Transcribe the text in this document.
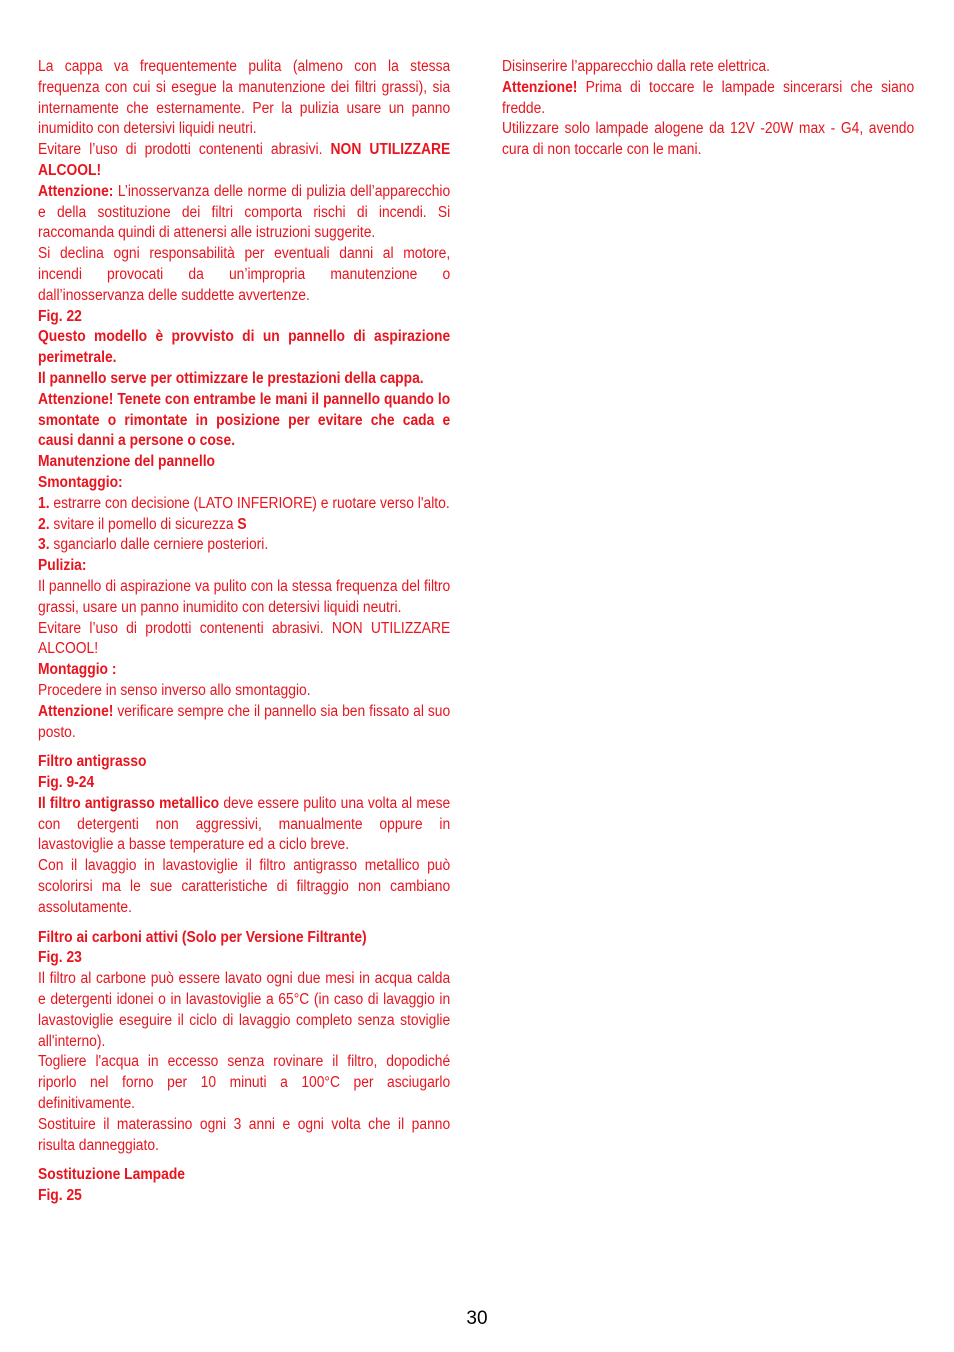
La cappa va frequentemente pulita (almeno con la stessa frequenza con cui si esegue la manutenzione dei filtri grassi), sia internamente che esternamente. Per la pulizia usare un panno inumidito con detersivi liquidi neutri.

Evitare l’uso di prodotti contenenti abrasivi. NON UTILIZZARE ALCOOL!

Attenzione: L’inosservanza delle norme di pulizia dell’apparecchio e della sostituzione dei filtri comporta rischi di incendi. Si raccomanda quindi di attenersi alle istruzioni suggerite.

Si declina ogni responsabilità per eventuali danni al motore, incendi provocati da un’impropria manutenzione o dall’inosservanza delle suddette avvertenze.

Fig. 22

Questo modello è provvisto di un pannello di aspirazione perimetrale.

Il pannello serve per ottimizzare le prestazioni della cappa.

Attenzione! Tenete con entrambe le mani il pannello quando lo smontate o rimontate in posizione per evitare che cada e causi danni a persone o cose.

Manutenzione del pannello

Smontaggio:

1. estrarre con decisione (LATO INFERIORE) e ruotare verso l'alto.

2. svitare il pomello di sicurezza S

3. sganciarlo dalle cerniere posteriori.

Pulizia:

Il pannello di aspirazione va pulito con la stessa frequenza del filtro grassi, usare un panno inumidito con detersivi liquidi neutri.

Evitare l’uso di prodotti contenenti abrasivi. NON UTILIZZARE ALCOOL!

Montaggio :

Procedere in senso inverso allo smontaggio.

Attenzione! verificare sempre che il pannello sia ben fissato al suo posto.

Filtro antigrasso

Fig. 9-24

Il filtro antigrasso metallico deve essere pulito una volta al mese con detergenti non aggressivi, manualmente oppure in lavastoviglie a basse temperature ed a ciclo breve.

Con il lavaggio in lavastoviglie il filtro antigrasso metallico può scolorirsi ma le sue caratteristiche di filtraggio non cambiano assolutamente.

Filtro ai carboni attivi (Solo per Versione Filtrante)

Fig. 23

Il filtro al carbone può essere lavato ogni due mesi in acqua calda e detergenti idonei o in lavastoviglie a 65°C (in caso di lavaggio in lavastoviglie eseguire il ciclo di lavaggio completo senza stoviglie all'interno).

Togliere l'acqua in eccesso senza rovinare il filtro, dopodiché riporlo nel forno per 10 minuti a 100°C per asciugarlo definitivamente.

Sostituire il materassino ogni 3 anni e ogni volta che il panno risulta danneggiato.

Sostituzione Lampade

Fig. 25

Disinserire l’apparecchio dalla rete elettrica.

Attenzione! Prima di toccare le lampade sincerarsi che siano fredde.

Utilizzare solo lampade alogene da 12V -20W max - G4, avendo cura di non toccarle con le mani.

30
